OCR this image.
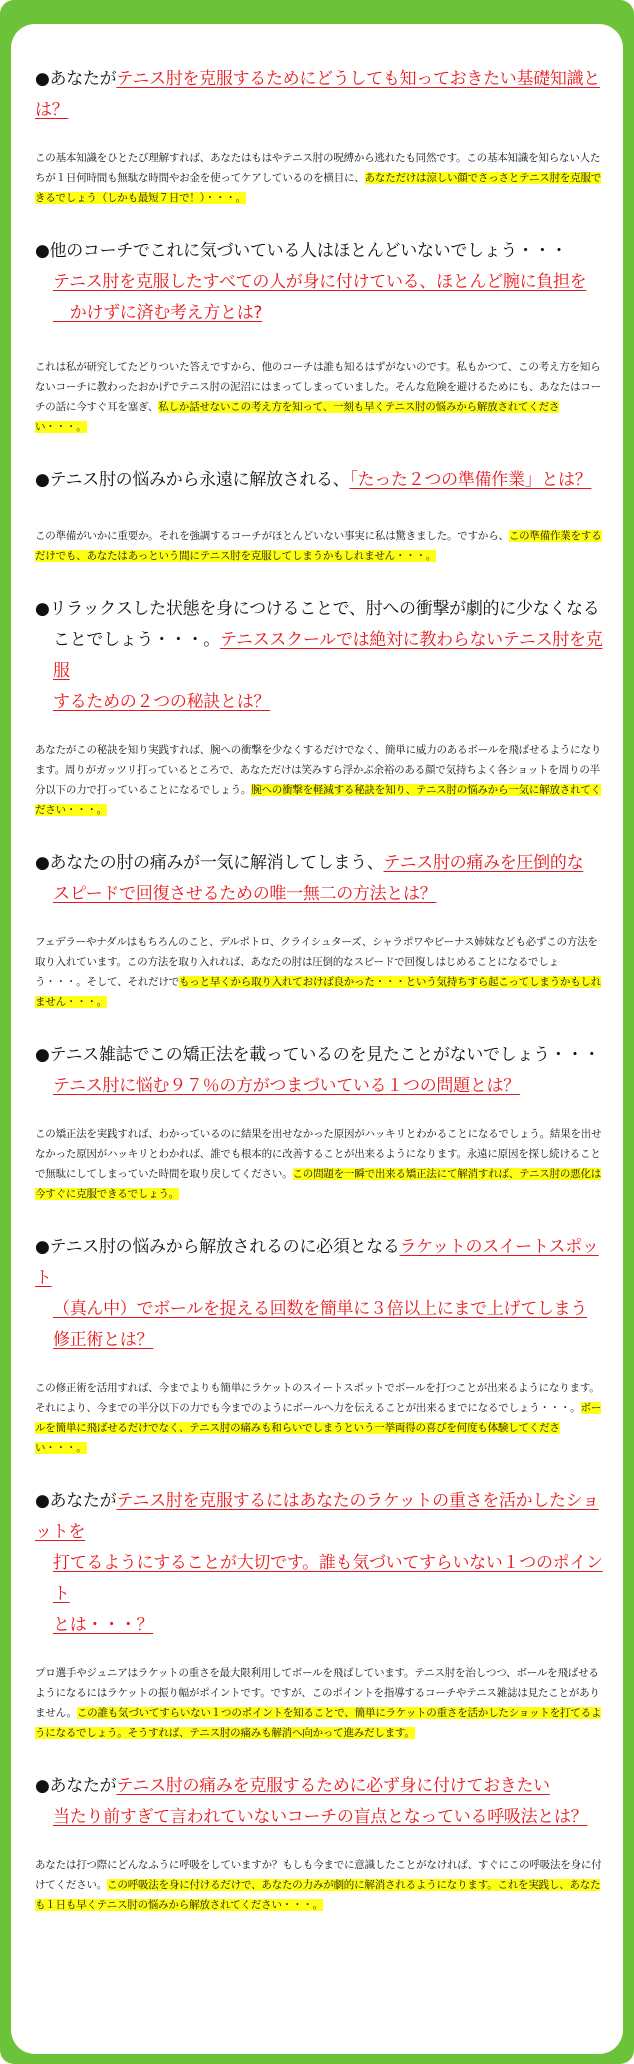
●あなたがテニス肘を克服するためにどうしても知っておきたい基礎知識とは？
この基本知識をひとたび理解すれば、あなたはもはやテニス肘の呪縛から逃れたも同然です。この基本知識を知らない人たちが１日何時間も無駄な時間やお金を使ってケアしているのを横目に、あなただけは涼しい顔でさっさとテニス肘を克服できるでしょう（しかも最短７日で！）・・・。
●他のコーチでこれに気づいている人はほとんどいないでしょう・・・
テニス肘を克服したすべての人が身に付けている、ほとんど腕に負担を
　かけずに済む考え方とは?
これは私が研究してたどりついた答えですから、他のコーチは誰も知るはずがないのです。私もかつて、この考え方を知らないコーチに教わったおかげでテニス肘の泥沼にはまってしまっていました。そんな危険を避けるためにも、あなたはコーチの話に今すぐ耳を塞ぎ、私しか話せないこの考え方を知って、一刻も早くテニス肘の悩みから解放されてください・・・。
●テニス肘の悩みから永遠に解放される、「たった２つの準備作業」とは？
この準備がいかに重要か。それを強調するコーチがほとんどいない事実に私は驚きました。ですから、この準備作業をするだけでも、あなたはあっという間にテニス肘を克服してしまうかもしれません・・・。
●リラックスした状態を身につけることで、肘への衝撃が劇的に少なくなる
ことでしょう・・・。テニススクールでは絶対に教わらないテニス肘を克服
するための２つの秘訣とは？
あなたがこの秘訣を知り実践すれば、腕への衝撃を少なくするだけでなく、簡単に威力のあるボールを飛ばせるようになります。周りがガッツリ打っているところで、あなただけは笑みすら浮かぶ余裕のある顔で気持ちよく各ショットを周りの半分以下の力で打っていることになるでしょう。腕への衝撃を軽減する秘訣を知り、テニス肘の悩みから一気に解放されてください・・・。
●あなたの肘の痛みが一気に解消してしまう、テニス肘の痛みを圧倒的な
スピードで回復させるための唯一無二の方法とは？
フェデラーやナダルはもちろんのこと、デルポトロ、クライシュターズ、シャラポワやビーナス姉妹なども必ずこの方法を取り入れています。この方法を取り入れれば、あなたの肘は圧倒的なスピードで回復しはじめることになるでしょう・・・。そして、それだけでもっと早くから取り入れておけば良かった・・・という気持ちすら起こってしまうかもしれません・・・。
●テニス雑誌でこの矯正法を載っているのを見たことがないでしょう・・・
テニス肘に悩む９７％の方がつまづいている１つの問題とは？
この矯正法を実践すれば、わかっているのに結果を出せなかった原因がハッキリとわかることになるでしょう。結果を出せなかった原因がハッキリとわかれば、誰でも根本的に改善することが出来るようになります。永遠に原因を探し続けることで無駄にしてしまっていた時間を取り戻してください。この問題を一瞬で出来る矯正法にて解消すれば、テニス肘の悪化は今すぐに克服できるでしょう。
●テニス肘の悩みから解放されるのに必須となるラケットのスイートスポット
（真ん中）でボールを捉える回数を簡単に３倍以上にまで上げてしまう
修正術とは？
この修正術を活用すれば、今までよりも簡単にラケットのスイートスポットでボールを打つことが出来るようになります。それにより、今までの半分以下の力でも今までのようにボールへ力を伝えることが出来るまでになるでしょう・・・。ボールを簡単に飛ばせるだけでなく、テニス肘の痛みも和らいでしまうという一挙両得の喜びを何度も体験してください・・・。
●あなたがテニス肘を克服するにはあなたのラケットの重さを活かしたショットを
打てるようにすることが大切です。誰も気づいてすらいない１つのポイント
とは・・・？
プロ選手やジュニアはラケットの重さを最大限利用してボールを飛ばしています。テニス肘を治しつつ、ボールを飛ばせるようになるにはラケットの振り幅がポイントです。ですが、このポイントを指導するコーチやテニス雑誌は見たことがありません。この誰も気づいてすらいない１つのポイントを知ることで、簡単にラケットの重さを活かしたショットを打てるようになるでしょう。そうすれば、テニス肘の痛みも解消へ向かって進みだします。
●あなたがテニス肘の痛みを克服するために必ず身に付けておきたい
当たり前すぎて言われていないコーチの盲点となっている呼吸法とは？
あなたは打つ際にどんなふうに呼吸をしていますか？もしも今までに意識したことがなければ、すぐにこの呼吸法を身に付けてください。この呼吸法を身に付けるだけで、あなたの力みが劇的に解消されるようになります。これを実践し、あなたも１日も早くテニス肘の悩みから解放されてください・・・。
